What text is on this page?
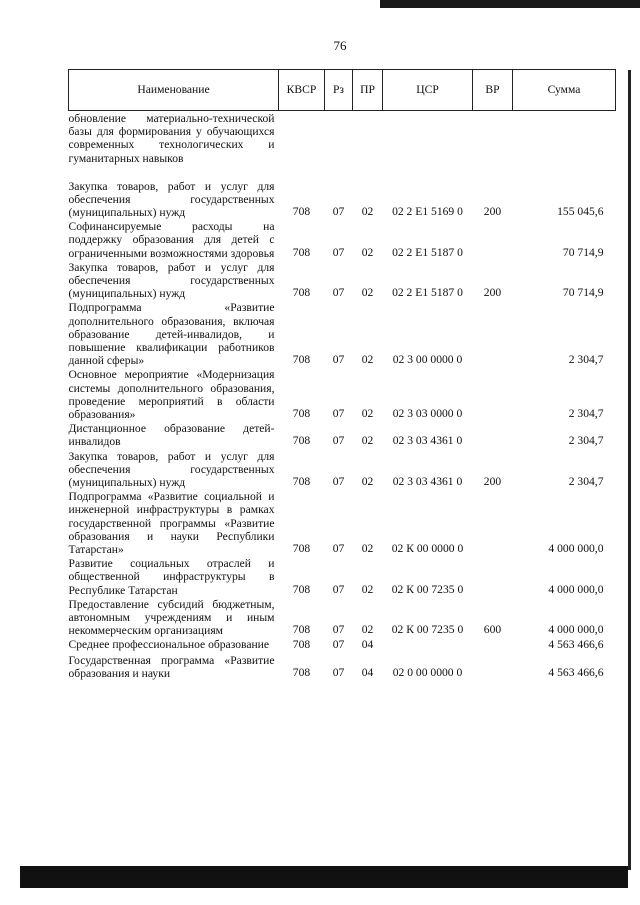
76
Наименование	КВСР	Рз	ПР	ЦСР	ВР	Сумма
обновление материально-технической базы для формирования у обучающихся современных технологических и гуманитарных навыков						
Закупка товаров, работ и услуг для обеспечения государственных (муниципальных) нужд	708	07	02	02 2 E1 5169 0	200	155 045,6
Софинансируемые расходы на поддержку образования для детей с ограниченными возможностями здоровья	708	07	02	02 2 E1 5187 0		70 714,9
Закупка товаров, работ и услуг для обеспечения государственных (муниципальных) нужд	708	07	02	02 2 E1 5187 0	200	70 714,9
Подпрограмма «Развитие дополнительного образования, включая образование детей-инвалидов, и повышение квалификации работников данной сферы»	708	07	02	02 3 00 0000 0		2 304,7
Основное мероприятие «Модернизация системы дополнительного образования, проведение мероприятий в области образования»	708	07	02	02 3 03 0000 0		2 304,7
Дистанционное образование детей-инвалидов	708	07	02	02 3 03 4361 0		2 304,7
Закупка товаров, работ и услуг для обеспечения государственных (муниципальных) нужд	708	07	02	02 3 03 4361 0	200	2 304,7
Подпрограмма «Развитие социальной и инженерной инфраструктуры в рамках государственной программы «Развитие образования и науки Республики Татарстан»	708	07	02	02 К 00 0000 0		4 000 000,0
Развитие социальных отраслей и общественной инфраструктуры в Республике Татарстан	708	07	02	02 К 00 7235 0		4 000 000,0
Предоставление субсидий бюджетным, автономным учреждениям и иным некоммерческим организациям	708	07	02	02 К 00 7235 0	600	4 000 000,0
Среднее профессиональное образование	708	07	04			4 563 466,6
Государственная программа «Развитие образования и науки	708	07	04	02 0 00 0000 0		4 563 466,6
